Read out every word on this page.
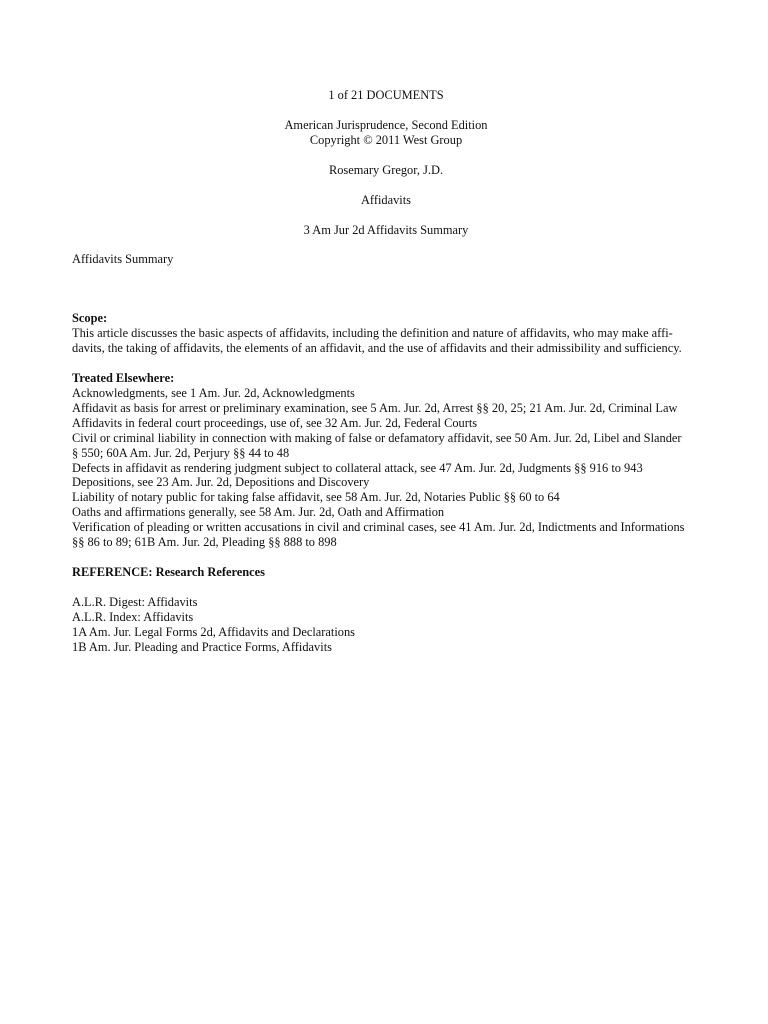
1 of 21 DOCUMENTS

American Jurisprudence, Second Edition

Copyright © 2011 West Group

Rosemary Gregor, J.D.

Affidavits

3 Am Jur 2d Affidavits Summary

Affidavits Summary

Scope:

This article discusses the basic aspects of affidavits, including the definition and nature of affidavits, who may make affi-

davits, the taking of affidavits, the elements of an affidavit, and the use of affidavits and their admissibility and sufficiency.

Treated Elsewhere:

Acknowledgments, see 1 Am. Jur. 2d, Acknowledgments

Affidavit as basis for arrest or preliminary examination, see 5 Am. Jur. 2d, Arrest §§ 20, 25; 21 Am. Jur. 2d, Criminal Law

Affidavits in federal court proceedings, use of, see 32 Am. Jur. 2d, Federal Courts

Civil or criminal liability in connection with making of false or defamatory affidavit, see 50 Am. Jur. 2d, Libel and Slander

§ 550; 60A Am. Jur. 2d, Perjury §§ 44 to 48

Defects in affidavit as rendering judgment subject to collateral attack, see 47 Am. Jur. 2d, Judgments §§ 916 to 943

Depositions, see 23 Am. Jur. 2d, Depositions and Discovery

Liability of notary public for taking false affidavit, see 58 Am. Jur. 2d, Notaries Public §§ 60 to 64

Oaths and affirmations generally, see 58 Am. Jur. 2d, Oath and Affirmation

Verification of pleading or written accusations in civil and criminal cases, see 41 Am. Jur. 2d, Indictments and Informations

§§ 86 to 89; 61B Am. Jur. 2d, Pleading §§ 888 to 898

REFERENCE: Research References

A.L.R. Digest: Affidavits

A.L.R. Index: Affidavits

1A Am. Jur. Legal Forms 2d, Affidavits and Declarations

1B Am. Jur. Pleading and Practice Forms, Affidavits
